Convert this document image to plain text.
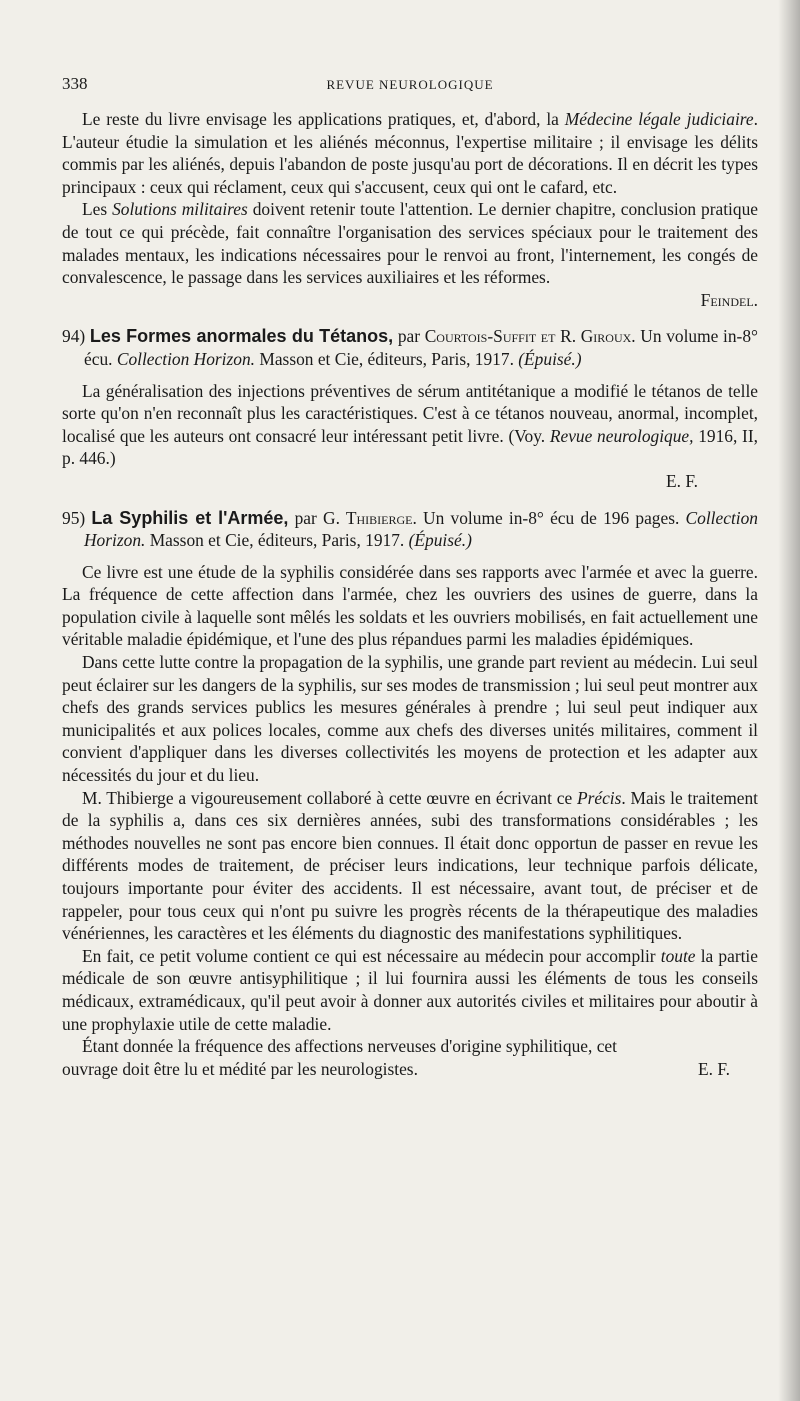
338	REVUE NEUROLOGIQUE

Le reste du livre envisage les applications pratiques, et, d'abord, la Médecine légale judiciaire. L'auteur étudie la simulation et les aliénés méconnus, l'expertise militaire ; il envisage les délits commis par les aliénés, depuis l'abandon de poste jusqu'au port de décorations. Il en décrit les types principaux : ceux qui réclament, ceux qui s'accusent, ceux qui ont le cafard, etc.

Les Solutions militaires doivent retenir toute l'attention. Le dernier chapitre, conclusion pratique de tout ce qui précède, fait connaître l'organisation des services spéciaux pour le traitement des malades mentaux, les indications nécessaires pour le renvoi au front, l'internement, les congés de convalescence, le passage dans les services auxiliaires et les réformes.

Feindel.

94) Les Formes anormales du Tétanos, par Courtois-Suffit et R. Giroux. Un volume in-8° écu. Collection Horizon. Masson et Cie, éditeurs, Paris, 1917. (Épuisé.)

La généralisation des injections préventives de sérum antitétanique a modifié le tétanos de telle sorte qu'on n'en reconnaît plus les caractéristiques. C'est à ce tétanos nouveau, anormal, incomplet, localisé que les auteurs ont consacré leur intéressant petit livre. (Voy. Revue neurologique, 1916, II, p. 446.)

E. F.
95) La Syphilis et l'Armée, par G. Thibierge. Un volume in-8° écu de 196 pages. Collection Horizon. Masson et Cie, éditeurs, Paris, 1917. (Épuisé.)

Ce livre est une étude de la syphilis considérée dans ses rapports avec l'armée et avec la guerre. La fréquence de cette affection dans l'armée, chez les ouvriers des usines de guerre, dans la population civile à laquelle sont mêlés les soldats et les ouvriers mobilisés, en fait actuellement une véritable maladie épidémique, et l'une des plus répandues parmi les maladies épidémiques.

Dans cette lutte contre la propagation de la syphilis, une grande part revient au médecin. Lui seul peut éclairer sur les dangers de la syphilis, sur ses modes de transmission ; lui seul peut montrer aux chefs des grands services publics les mesures générales à prendre ; lui seul peut indiquer aux municipalités et aux polices locales, comme aux chefs des diverses unités militaires, comment il convient d'appliquer dans les diverses collectivités les moyens de protection et les adapter aux nécessités du jour et du lieu.

M. Thibierge a vigoureusement collaboré à cette œuvre en écrivant ce Précis. Mais le traitement de la syphilis a, dans ces six dernières années, subi des transformations considérables ; les méthodes nouvelles ne sont pas encore bien connues. Il était donc opportun de passer en revue les différents modes de traitement, de préciser leurs indications, leur technique parfois délicate, toujours importante pour éviter des accidents. Il est nécessaire, avant tout, de préciser et de rappeler, pour tous ceux qui n'ont pu suivre les progrès récents de la thérapeutique des maladies vénériennes, les caractères et les éléments du diagnostic des manifestations syphilitiques.

En fait, ce petit volume contient ce qui est nécessaire au médecin pour accomplir toute la partie médicale de son œuvre antisyphilitique ; il lui fournira aussi les éléments de tous les conseils médicaux, extramédicaux, qu'il peut avoir à donner aux autorités civiles et militaires pour aboutir à une prophylaxie utile de cette maladie.

Étant donnée la fréquence des affections nerveuses d'origine syphilitique, cet

ouvrage doit être lu et médité par les neurologistes.	E. F.
